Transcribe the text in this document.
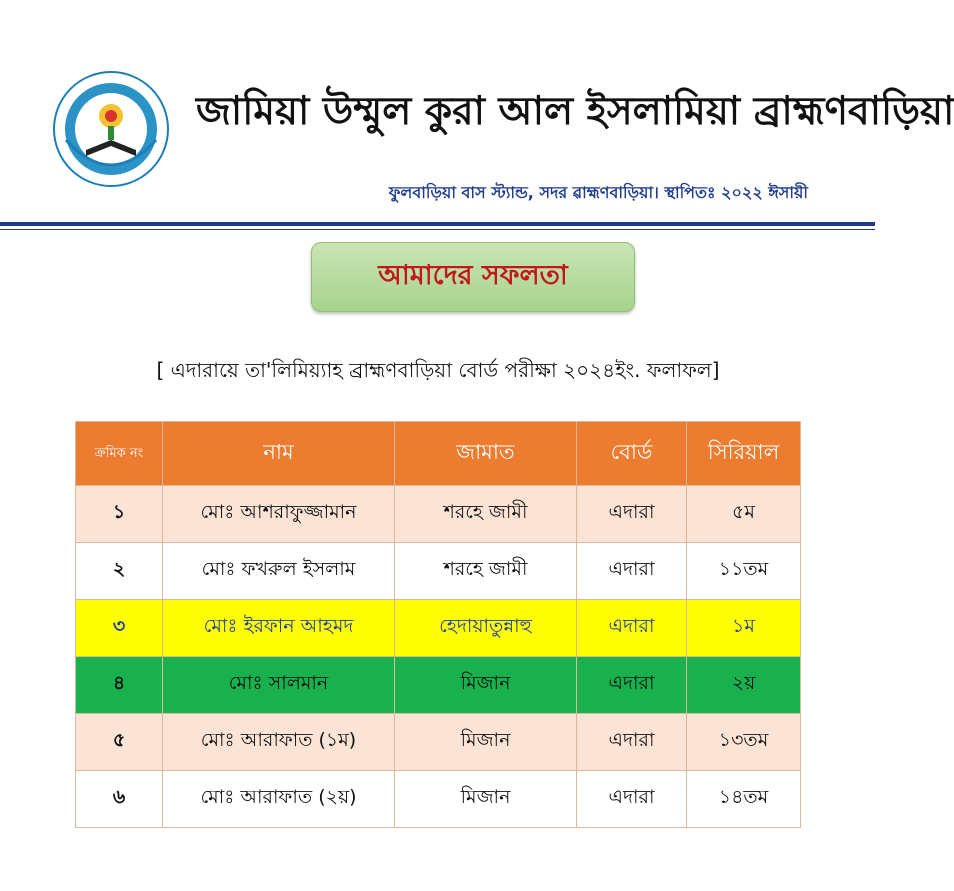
জামিয়া উম্মুল কুরা আল ইসলামিয়া ব্রাহ্মণবাড়িয়া
ফুলবাড়িয়া বাস স্ট্যান্ড, সদর ৱাহ্মণবাড়িয়া। স্থাপিতঃ ২০২২ ঈসায়ী
আমাদের সফলতা
[ এদারায়ে তা'লিমিয়্যাহ ব্রাহ্মণবাড়িয়া বোর্ড পরীক্ষা ২০২৪ইং. ফলাফল]
ক্রমিক নং	নাম	জামাত	বোর্ড	সিরিয়াল
১	মোঃ আশরাফুজ্জামান	শরহে জামী	এদারা	৫ম
২	মোঃ ফখরুল ইসলাম	শরহে জামী	এদারা	১১তম
৩	মোঃ ইরফান আহমদ	হেদায়াতুন্নাহু	এদারা	১ম
৪	মোঃ সালমান	মিজান	এদারা	২য়
৫	মোঃ আরাফাত (১ম)	মিজান	এদারা	১৩তম
৬	মোঃ আরাফাত (২য়)	মিজান	এদারা	১৪তম
